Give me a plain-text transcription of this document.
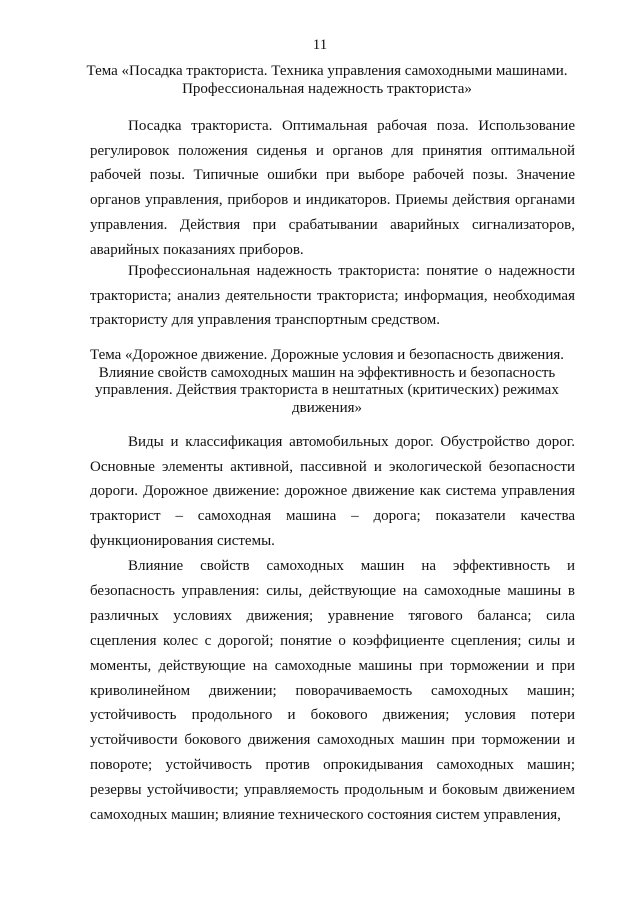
11
Тема «Посадка тракториста. Техника управления самоходными машинами. Профессиональная надежность тракториста»

Посадка тракториста. Оптимальная рабочая поза. Использование регулировок положения сиденья и органов для принятия оптимальной рабочей позы. Типичные ошибки при выборе рабочей позы. Значение органов управления, приборов и индикаторов. Приемы действия органами управления. Действия при срабатывании аварийных сигнализаторов, аварийных показаниях приборов.

Профессиональная надежность тракториста: понятие о надежности тракториста; анализ деятельности тракториста; информация, необходимая трактористу для управления транспортным средством.

Тема «Дорожное движение. Дорожные условия и безопасность движения. Влияние свойств самоходных машин на эффективность и безопасность управления. Действия тракториста в нештатных (критических) режимах движения»

Виды и классификация автомобильных дорог. Обустройство дорог. Основные элементы активной, пассивной и экологической безопасности дороги. Дорожное движение: дорожное движение как система управления тракторист – самоходная машина – дорога; показатели качества функционирования системы.

Влияние свойств самоходных машин на эффективность и безопасность управления: силы, действующие на самоходные машины в различных условиях движения; уравнение тягового баланса; сила сцепления колес с дорогой; понятие о коэффициенте сцепления; силы и моменты, действующие на самоходные машины при торможении и при криволинейном движении; поворачиваемость самоходных машин; устойчивость продольного и бокового движения; условия потери устойчивости бокового движения самоходных машин при торможении и повороте; устойчивость против опрокидывания самоходных машин; резервы устойчивости; управляемость продольным и боковым движением самоходных машин; влияние технического состояния систем управления,
